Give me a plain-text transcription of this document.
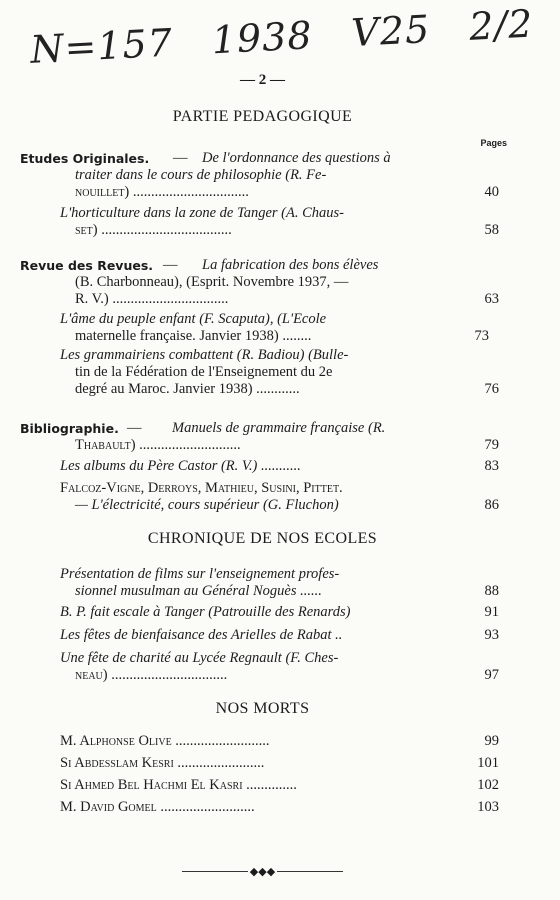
N=157 1938 V25 2/2
— 2 —
PARTIE PEDAGOGIQUE
Pages
Etudes Originales. — De l'ordonnance des questions à
traiter dans le cours de philosophie (R. Fe-
nouillet) ................................	40
L'horticulture dans la zone de Tanger (A. Chaus-
set) ....................................	58
Revue des Revues. — La fabrication des bons élèves
(B. Charbonneau), (Esprit. Novembre 1937, —
R. V.) ................................	63
L'âme du peuple enfant (F. Scaputa), (L'Ecole
maternelle française. Janvier 1938) ........	73
Les grammairiens combattent (R. Badiou) (Bulle-
tin de la Fédération de l'Enseignement du 2e
degré au Maroc. Janvier 1938) ............	76
Bibliographie. — Manuels de grammaire française (R.
Thabault) ............................	79
Les albums du Père Castor (R. V.) ...........	83
Falcoz-Vigne, Derroys, Mathieu, Susini, Pittet.
— L'électricité, cours supérieur (G. Fluchon)	86
CHRONIQUE DE NOS ECOLES
Présentation de films sur l'enseignement profes-
sionnel musulman au Général Noguès ......	88
B. P. fait escale à Tanger (Patrouille des Renards)	91
Les fêtes de bienfaisance des Arielles de Rabat ..	93
Une fête de charité au Lycée Regnault (F. Ches-
neau) ................................	97
NOS MORTS
M. Alphonse Olive ..........................	99
Si Abdesslam Kesri ........................	101
Si Ahmed Bel Hachmi El Kasri ..............	102
M. David Gomel ..........................	103
◆◆◆
